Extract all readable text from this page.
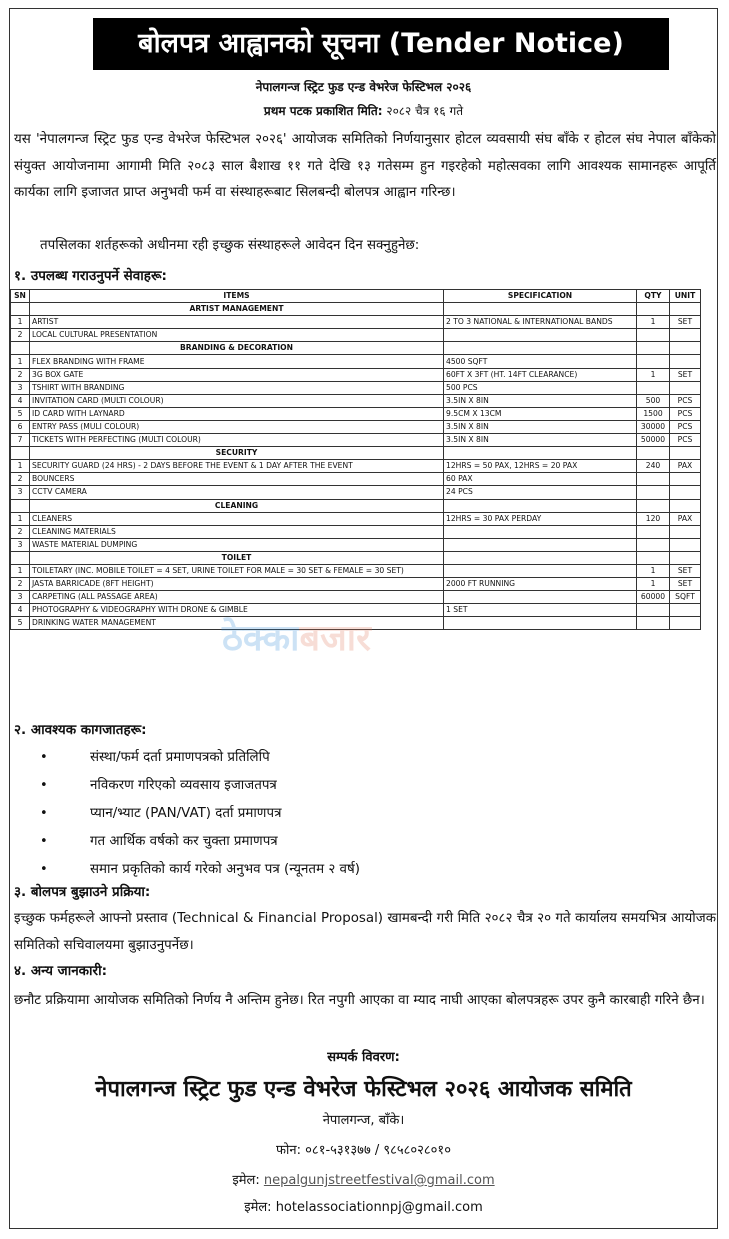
बोलपत्र आह्वानको सूचना (Tender Notice)
नेपालगन्ज स्ट्रिट फुड एन्ड वेभरेज फेस्टिभल २०२६
प्रथम पटक प्रकाशित मिति: २०८२ चैत्र १६ गते
यस 'नेपालगन्ज स्ट्रिट फुड एन्ड वेभरेज फेस्टिभल २०२६' आयोजक समितिको निर्णयानुसार होटल व्यवसायी संघ बाँके र होटल संघ नेपाल बाँकेको संयुक्त आयोजनामा आगामी मिति २०८३ साल बैशाख ११ गते देखि १३ गतेसम्म हुन गइरहेको महोत्सवका लागि आवश्यक सामानहरू आपूर्ति कार्यका लागि इजाजत प्राप्त अनुभवी फर्म वा संस्थाहरूबाट सिलबन्दी बोलपत्र आह्वान गरिन्छ।
तपसिलका शर्तहरूको अधीनमा रही इच्छुक संस्थाहरूले आवेदन दिन सक्नुहुनेछ:
१. उपलब्ध गराउनुपर्ने सेवाहरू:
SN	ITEMS	SPECIFICATION	QTY	UNIT
	ARTIST MANAGEMENT			
1	ARTIST	2 TO 3 NATIONAL & INTERNATIONAL BANDS	1	SET
2	LOCAL CULTURAL PRESENTATION			
	BRANDING & DECORATION			
1	FLEX BRANDING WITH FRAME	4500 SQFT		
2	3G BOX GATE	60FT X 3FT (HT. 14FT CLEARANCE)	1	SET
3	TSHIRT WITH BRANDING	500 PCS		
4	INVITATION CARD (MULTI COLOUR)	3.5IN X 8IN	500	PCS
5	ID CARD WITH LAYNARD	9.5CM X 13CM	1500	PCS
6	ENTRY PASS (MULI COLOUR)	3.5IN X 8IN	30000	PCS
7	TICKETS WITH PERFECTING (MULTI COLOUR)	3.5IN X 8IN	50000	PCS
	SECURITY			
1	SECURITY GUARD (24 HRS) - 2 DAYS BEFORE THE EVENT & 1 DAY AFTER THE EVENT	12HRS = 50 PAX, 12HRS = 20 PAX	240	PAX
2	BOUNCERS	60 PAX		
3	CCTV CAMERA	24 PCS		
	CLEANING			
1	CLEANERS	12HRS = 30 PAX PERDAY	120	PAX
2	CLEANING MATERIALS			
3	WASTE MATERIAL DUMPING			
	TOILET			
1	TOILETARY (INC. MOBILE TOILET = 4 SET, URINE TOILET FOR MALE = 30 SET & FEMALE = 30 SET)		1	SET
2	JASTA BARRICADE (8FT HEIGHT)	2000 FT RUNNING	1	SET
3	CARPETING (ALL PASSAGE AREA)		60000	SQFT
4	PHOTOGRAPHY & VIDEOGRAPHY WITH DRONE & GIMBLE	1 SET		
5	DRINKING WATER MANAGEMENT			ठेक्काबजार
२. आवश्यक कागजातहरू:
•	संस्था/फर्म दर्ता प्रमाणपत्रको प्रतिलिपि
•	नविकरण गरिएको व्यवसाय इजाजतपत्र
•	प्यान/भ्याट (PAN/VAT) दर्ता प्रमाणपत्र
•	गत आर्थिक वर्षको कर चुक्ता प्रमाणपत्र
•	समान प्रकृतिको कार्य गरेको अनुभव पत्र (न्यूनतम २ वर्ष)
३. बोलपत्र बुझाउने प्रक्रिया:
इच्छुक फर्महरूले आफ्नो प्रस्ताव (Technical & Financial Proposal) खामबन्दी गरी मिति २०८२ चैत्र २० गते कार्यालय समयभित्र आयोजक समितिको सचिवालयमा बुझाउनुपर्नेछ।
४. अन्य जानकारी:
छनौट प्रक्रियामा आयोजक समितिको निर्णय नै अन्तिम हुनेछ। रित नपुगी आएका वा म्याद नाघी आएका बोलपत्रहरू उपर कुनै कारबाही गरिने छैन।
सम्पर्क विवरण:
नेपालगन्ज स्ट्रिट फुड एन्ड वेभरेज फेस्टिभल २०२६ आयोजक समिति
नेपालगन्ज, बाँके।
फोन: ०८१-५३१३७७ / ९८५८०२८०१०
इमेल: nepalgunjstreetfestival@gmail.com
इमेल: hotelassociationnpj@gmail.com
